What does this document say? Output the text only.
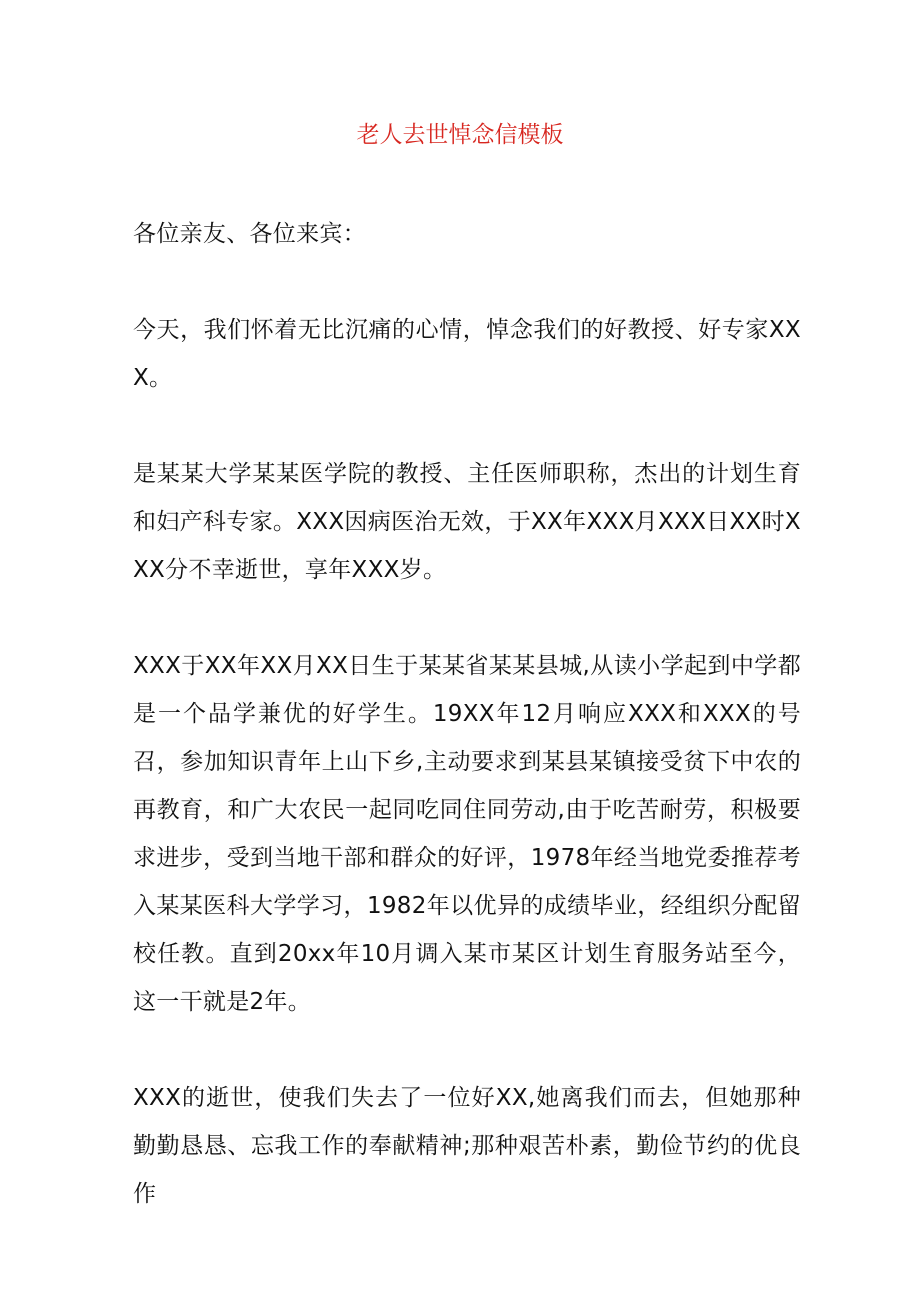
老人去世悼念信模板
各位亲友、各位来宾：
今天，我们怀着无比沉痛的心情，悼念我们的好教授、好专家XXX。
是某某大学某某医学院的教授、主任医师职称，杰出的计划生育和妇产科专家。XXX因病医治无效，于XX年XXX月XXX日XX时XXX分不幸逝世，享年XXX岁。
XXX于XX年XX月XX日生于某某省某某县城,从读小学起到中学都是一个品学兼优的好学生。19XX年12月响应XXX和XXX的号召，参加知识青年上山下乡,主动要求到某县某镇接受贫下中农的再教育，和广大农民一起同吃同住同劳动,由于吃苦耐劳，积极要求进步，受到当地干部和群众的好评，1978年经当地党委推荐考入某某医科大学学习，1982年以优异的成绩毕业，经组织分配留校任教。直到20xx年10月调入某市某区计划生育服务站至今，这一干就是2年。
XXX的逝世，使我们失去了一位好XX,她离我们而去，但她那种勤勤恳恳、忘我工作的奉献精神;那种艰苦朴素，勤俭节约的优良作
